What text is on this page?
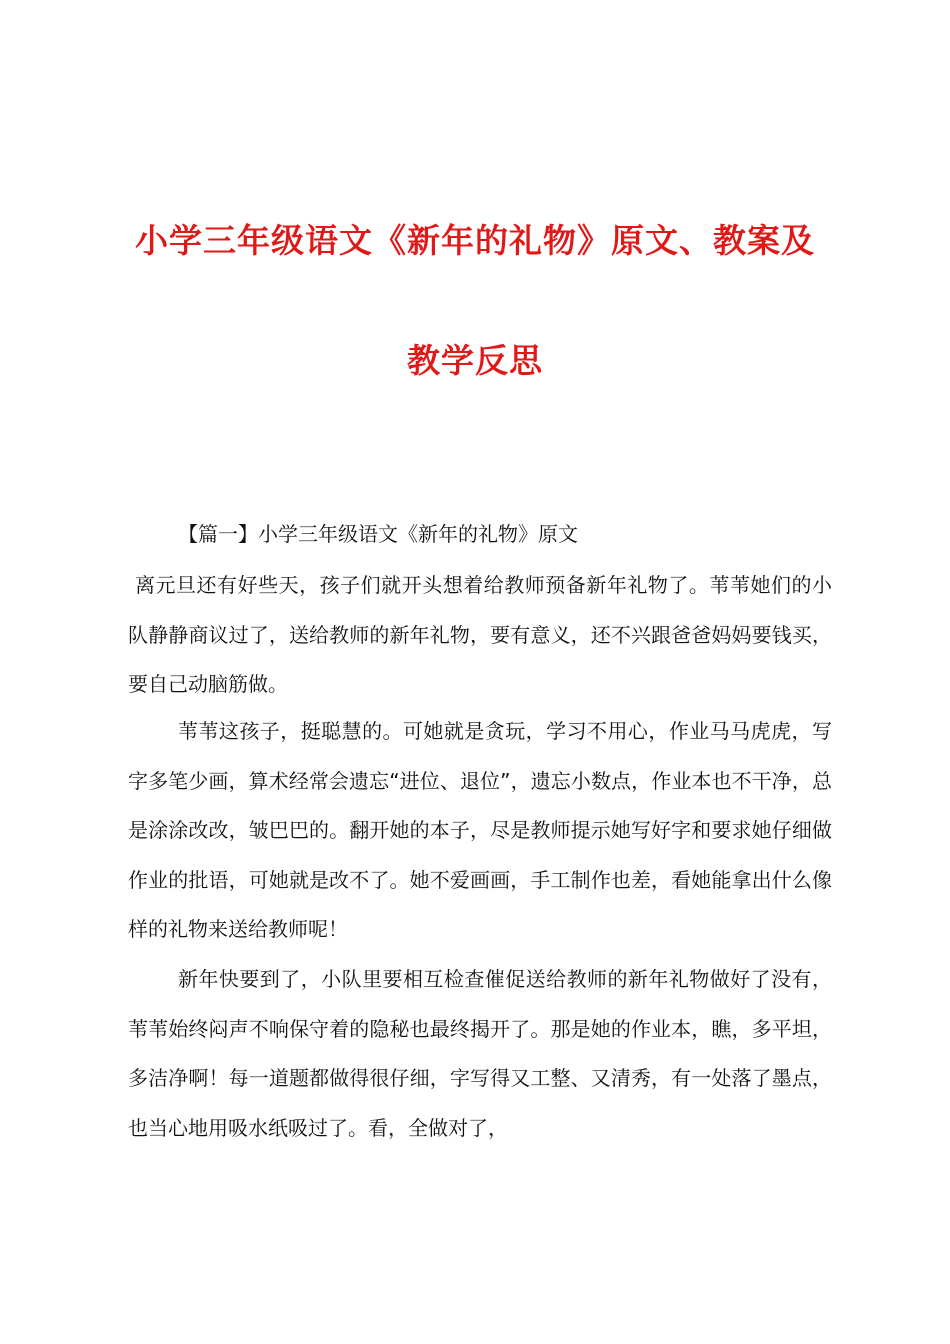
小学三年级语文《新年的礼物》原文、教案及
教学反思
【篇一】小学三年级语文《新年的礼物》原文

离元旦还有好些天，孩子们就开头想着给教师预备新年礼物了。苇苇她们的小队静静商议过了，送给教师的新年礼物，要有意义，还不兴跟爸爸妈妈要钱买，要自己动脑筋做。

苇苇这孩子，挺聪慧的。可她就是贪玩，学习不用心，作业马马虎虎，写字多笔少画，算术经常会遗忘“进位、退位”，遗忘小数点，作业本也不干净，总是涂涂改改，皱巴巴的。翻开她的本子，尽是教师提示她写好字和要求她仔细做作业的批语，可她就是改不了。她不爱画画，手工制作也差，看她能拿出什么像样的礼物来送给教师呢！

新年快要到了，小队里要相互检查催促送给教师的新年礼物做好了没有，苇苇始终闷声不响保守着的隐秘也最终揭开了。那是她的作业本，瞧，多平坦，多洁净啊！每一道题都做得很仔细，字写得又工整、又清秀，有一处落了墨点，也当心地用吸水纸吸过了。看，全做对了，
